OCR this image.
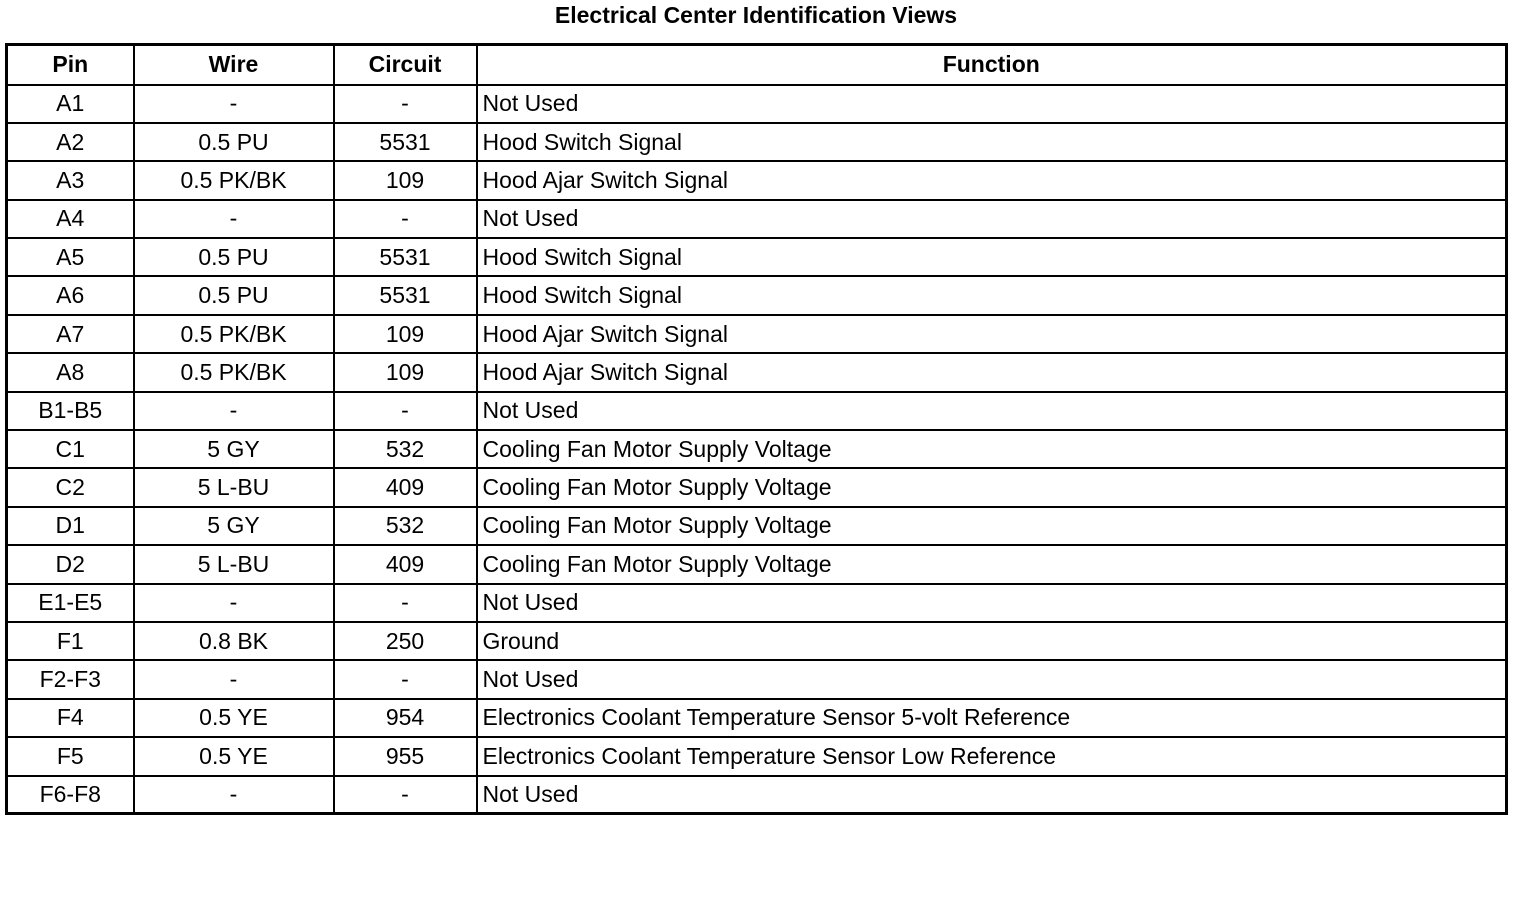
Electrical Center Identification Views
Pin	Wire	Circuit	Function
A1	-	-	Not Used
A2	0.5 PU	5531	Hood Switch Signal
A3	0.5 PK/BK	109	Hood Ajar Switch Signal
A4	-	-	Not Used
A5	0.5 PU	5531	Hood Switch Signal
A6	0.5 PU	5531	Hood Switch Signal
A7	0.5 PK/BK	109	Hood Ajar Switch Signal
A8	0.5 PK/BK	109	Hood Ajar Switch Signal
B1-B5	-	-	Not Used
C1	5 GY	532	Cooling Fan Motor Supply Voltage
C2	5 L-BU	409	Cooling Fan Motor Supply Voltage
D1	5 GY	532	Cooling Fan Motor Supply Voltage
D2	5 L-BU	409	Cooling Fan Motor Supply Voltage
E1-E5	-	-	Not Used
F1	0.8 BK	250	Ground
F2-F3	-	-	Not Used
F4	0.5 YE	954	Electronics Coolant Temperature Sensor 5-volt Reference
F5	0.5 YE	955	Electronics Coolant Temperature Sensor Low Reference
F6-F8	-	-	Not Used
